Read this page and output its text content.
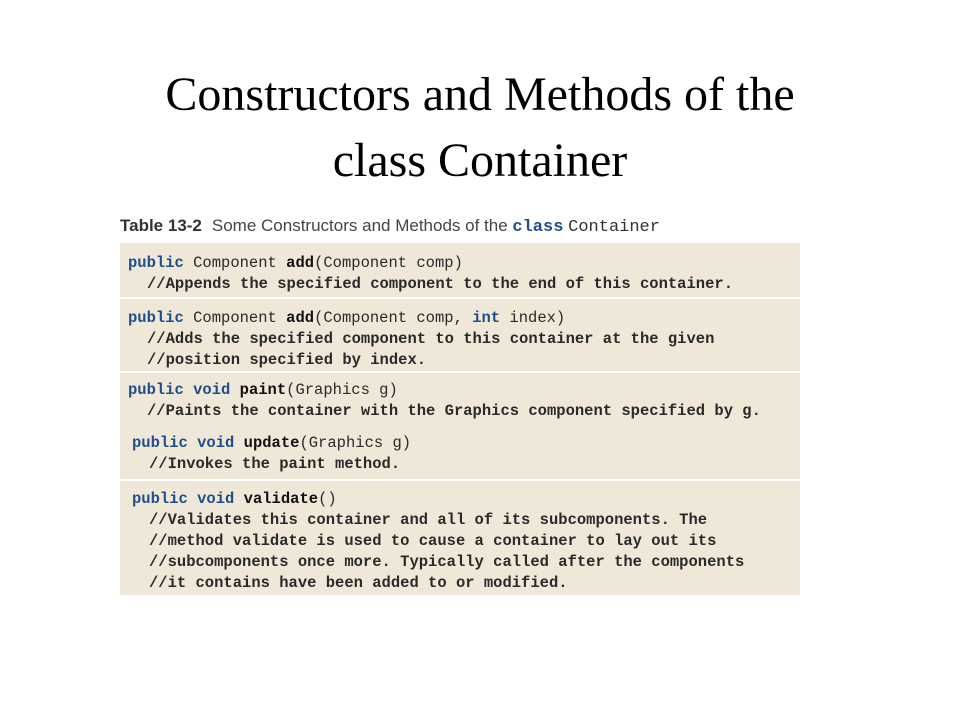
Constructors and Methods of the
class Container
Table 13-2 Some Constructors and Methods of the class Container
public Component add(Component comp)
//Appends the specified component to the end of this container.
public Component add(Component comp, int index)
//Adds the specified component to this container at the given
//position specified by index.
public void paint(Graphics g)
//Paints the container with the Graphics component specified by g.
public void update(Graphics g)
//Invokes the paint method.
public void validate()
//Validates this container and all of its subcomponents. The
//method validate is used to cause a container to lay out its
//subcomponents once more. Typically called after the components
//it contains have been added to or modified.
